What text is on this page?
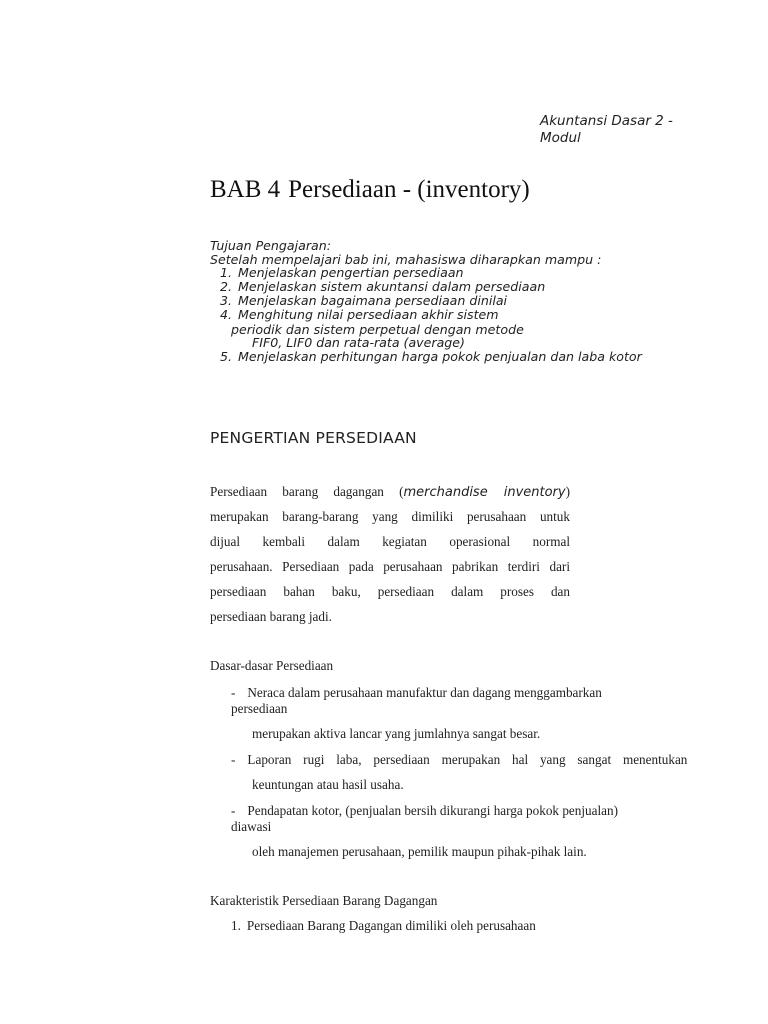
Akuntansi Dasar 2 -
Modul
BAB 4 Persediaan - (inventory)
Tujuan Pengajaran:
Setelah mempelajari bab ini, mahasiswa diharapkan mampu :
1. Menjelaskan pengertian persediaan
2. Menjelaskan sistem akuntansi dalam persediaan
3. Menjelaskan bagaimana persediaan dinilai
4. Menghitung nilai persediaan akhir sistem
periodik dan sistem perpetual dengan metode
FIF0, LIF0 dan rata-rata (average)
5. Menjelaskan perhitungan harga pokok penjualan dan laba kotor
PENGERTIAN PERSEDIAAN
Persediaan barang dagangan (merchandise inventory)
merupakan barang-barang yang dimiliki perusahaan untuk
dijual kembali dalam kegiatan operasional normal
perusahaan. Persediaan pada perusahaan pabrikan terdiri dari
persediaan bahan baku, persediaan dalam proses dan
persediaan barang jadi.
Dasar-dasar Persediaan
- Neraca dalam perusahaan manufaktur dan dagang menggambarkan
persediaan
merupakan aktiva lancar yang jumlahnya sangat besar.
- Laporan rugi laba, persediaan merupakan hal yang sangat menentukan
keuntungan atau hasil usaha.
- Pendapatan kotor, (penjualan bersih dikurangi harga pokok penjualan)
diawasi
oleh manajemen perusahaan, pemilik maupun pihak-pihak lain.
Karakteristik Persediaan Barang Dagangan
1. Persediaan Barang Dagangan dimiliki oleh perusahaan
